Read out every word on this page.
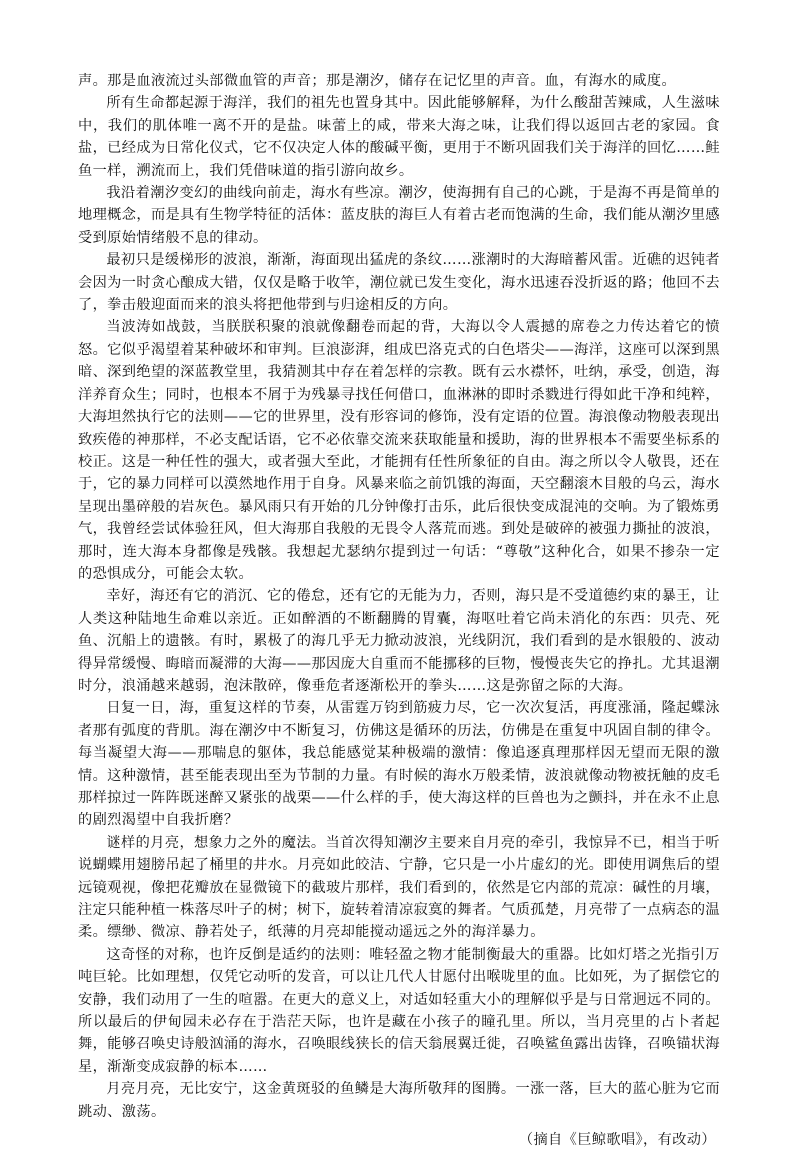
声。那是血液流过头部微血管的声音；那是潮汐，储存在记忆里的声音。血，有海水的咸度。

所有生命都起源于海洋，我们的祖先也置身其中。因此能够解释，为什么酸甜苦辣咸，人生滋味中，我们的肌体唯一离不开的是盐。味蕾上的咸，带来大海之味，让我们得以返回古老的家园。食盐，已经成为日常化仪式，它不仅决定人体的酸碱平衡，更用于不断巩固我们关于海洋的回忆……鲑鱼一样，溯流而上，我们凭借味道的指引游向故乡。

我沿着潮汐变幻的曲线向前走，海水有些凉。潮汐，使海拥有自己的心跳，于是海不再是简单的地理概念，而是具有生物学特征的活体：蓝皮肤的海巨人有着古老而饱满的生命，我们能从潮汐里感受到原始情绪般不息的律动。

最初只是缓梯形的波浪，渐渐，海面现出猛虎的条纹……涨潮时的大海暗蓄风雷。近礁的迟钝者会因为一时贪心酿成大错，仅仅是略于收竿，潮位就已发生变化，海水迅速吞没折返的路；他回不去了，拳击般迎面而来的浪头将把他带到与归途相反的方向。

当波涛如战鼓，当朕朕积聚的浪就像翻卷而起的背，大海以令人震撼的席卷之力传达着它的愤怒。它似乎渴望着某种破坏和审判。巨浪澎湃，组成巴洛克式的白色塔尖——海洋，这座可以深到黑暗、深到绝望的深蓝教堂里，我猜测其中存在着怎样的宗教。既有云水襟怀，吐纳，承受，创造，海洋养育众生；同时，也根本不屑于为残暴寻找任何借口，血淋淋的即时杀戮进行得如此干净和纯粹，大海坦然执行它的法则——它的世界里，没有形容词的修饰，没有定语的位置。海浪像动物般表现出致疾倦的神那样，不必支配话语，它不必依靠交流来获取能量和援助，海的世界根本不需要坐标系的校正。这是一种任性的强大，或者强大至此，才能拥有任性所象征的自由。海之所以令人敬畏，还在于，它的暴力同样可以漠然地作用于自身。风暴来临之前饥饿的海面，天空翻滚木目般的乌云，海水呈现出墨碎般的岩灰色。暴风雨只有开始的几分钟像打击乐，此后很快变成混沌的交响。为了锻炼勇气，我曾经尝试体验狂风，但大海那自我般的无畏令人落荒而逃。到处是破碎的被强力撕扯的波浪，那时，连大海本身都像是残骸。我想起尤瑟纳尔提到过一句话：“尊敬”这种化合，如果不掺杂一定的恐惧成分，可能会太软。

幸好，海还有它的消沉、它的倦怠，还有它的无能为力，否则，海只是不受道德约束的暴王，让人类这种陆地生命难以亲近。正如醉酒的不断翻腾的胃囊，海呕吐着它尚未消化的东西：贝壳、死鱼、沉船上的遗骸。有时，累极了的海几乎无力掀动波浪，光线阴沉，我们看到的是水银般的、波动得异常缓慢、晦暗而凝滞的大海——那因庞大自重而不能挪移的巨物，慢慢丧失它的挣扎。尤其退潮时分，浪涌越来越弱，泡沫散碎，像垂危者逐渐松开的拳头……这是弥留之际的大海。

日复一日，海，重复这样的节奏，从雷霆万钧到筋疲力尽，它一次次复活，再度涨涌，隆起蝶泳者那有弧度的背肌。海在潮汐中不断复习，仿佛这是循环的历法，仿佛是在重复中巩固自制的律令。每当凝望大海——那喘息的躯体，我总能感觉某种极端的激情：像追逐真理那样因无望而无限的激情。这种激情，甚至能表现出至为节制的力量。有时候的海水万般柔情，波浪就像动物被抚触的皮毛那样掠过一阵阵既迷醉又紧张的战栗——什么样的手，使大海这样的巨兽也为之颤抖，并在永不止息的剧烈渴望中自我折磨？

谜样的月亮，想象力之外的魔法。当首次得知潮汐主要来自月亮的牵引，我惊异不已，相当于听说蝴蝶用翅膀吊起了桶里的井水。月亮如此皎洁、宁静，它只是一小片虚幻的光。即使用调焦后的望远镜观视，像把花瓣放在显微镜下的截玻片那样，我们看到的，依然是它内部的荒凉：碱性的月壤，注定只能种植一株落尽叶子的树；树下，旋转着清凉寂寞的舞者。气质孤楚，月亮带了一点病态的温柔。缥缈、微凉、静若处子，纸薄的月亮却能搅动遥远之外的海洋暴力。

这奇怪的对称，也许反倒是适约的法则：唯轻盈之物才能制衡最大的重器。比如灯塔之光指引万吨巨轮。比如理想，仅凭它动听的发音，可以让几代人甘愿付出喉咙里的血。比如死，为了据偿它的安静，我们动用了一生的喧嚣。在更大的意义上，对适如轻重大小的理解似乎是与日常迥远不同的。所以最后的伊甸园未必存在于浩茫天际，也许是藏在小孩子的瞳孔里。所以，当月亮里的占卜者起舞，能够召唤史诗般汹涌的海水，召唤眼线狭长的信天翁展翼迁徙，召唤鲨鱼露出齿锋，召唤锚状海星，渐渐变成寂静的标本……

月亮月亮，无比安宁，这金黄斑驳的鱼鳞是大海所敬拜的图腾。一涨一落，巨大的蓝心脏为它而跳动、激荡。

（摘自《巨鲸歌唱》，有改动）
